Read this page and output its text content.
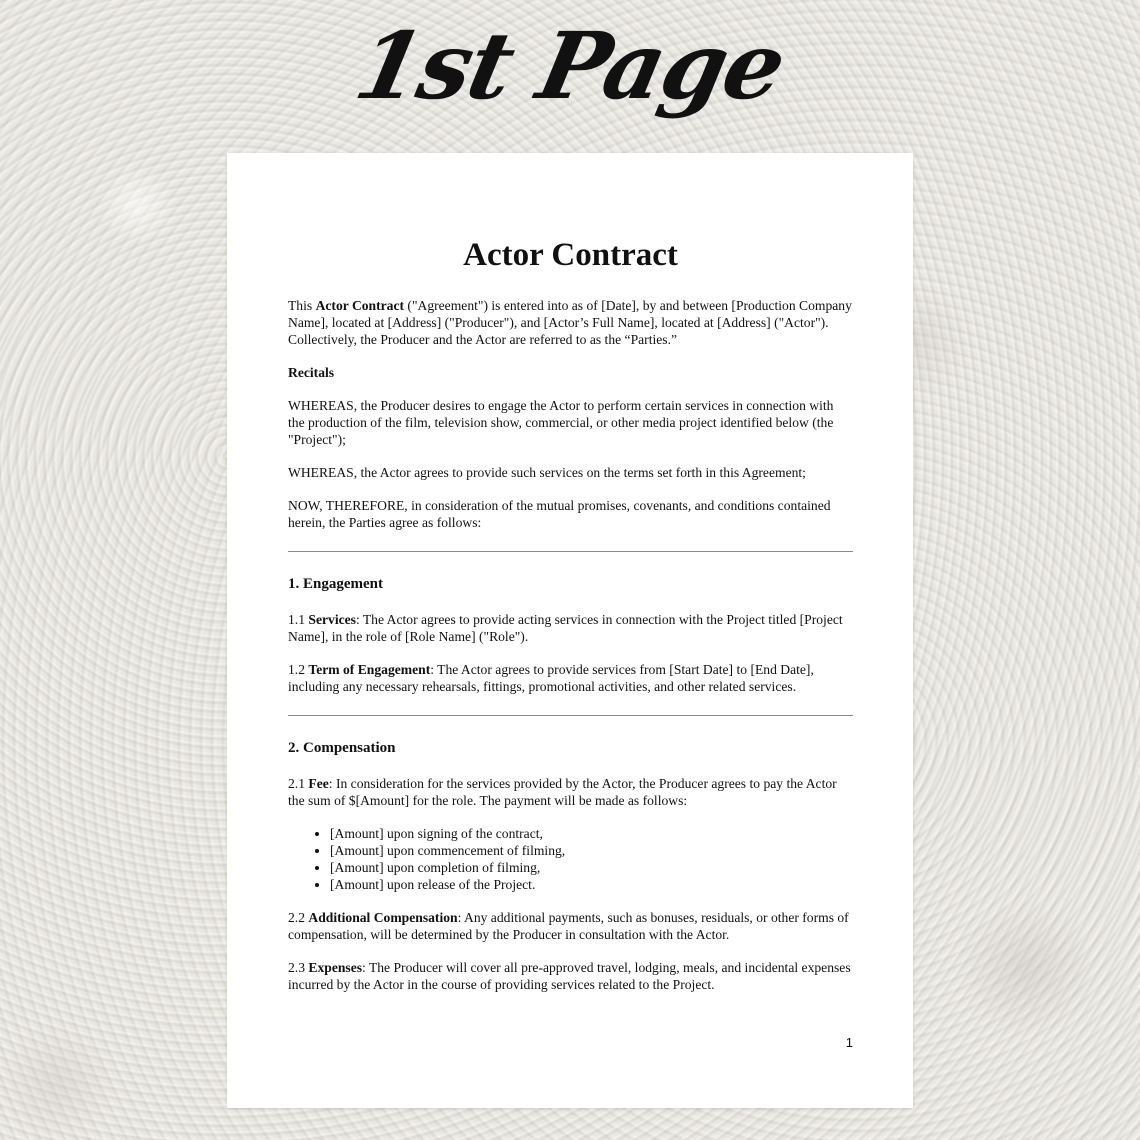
1st Page
Actor Contract

This Actor Contract ("Agreement") is entered into as of [Date], by and between [Production Company Name], located at [Address] ("Producer"), and [Actor’s Full Name], located at [Address] ("Actor"). Collectively, the Producer and the Actor are referred to as the “Parties.”

Recitals

WHEREAS, the Producer desires to engage the Actor to perform certain services in connection with the production of the film, television show, commercial, or other media project identified below (the "Project");

WHEREAS, the Actor agrees to provide such services on the terms set forth in this Agreement;

NOW, THEREFORE, in consideration of the mutual promises, covenants, and conditions contained herein, the Parties agree as follows:

1. Engagement

1.1 Services: The Actor agrees to provide acting services in connection with the Project titled [Project Name], in the role of [Role Name] ("Role").

1.2 Term of Engagement: The Actor agrees to provide services from [Start Date] to [End Date], including any necessary rehearsals, fittings, promotional activities, and other related services.

2. Compensation

2.1 Fee: In consideration for the services provided by the Actor, the Producer agrees to pay the Actor the sum of $[Amount] for the role. The payment will be made as follows:

• [Amount] upon signing of the contract,
• [Amount] upon commencement of filming,
• [Amount] upon completion of filming,
• [Amount] upon release of the Project.

2.2 Additional Compensation: Any additional payments, such as bonuses, residuals, or other forms of compensation, will be determined by the Producer in consultation with the Actor.

2.3 Expenses: The Producer will cover all pre-approved travel, lodging, meals, and incidental expenses incurred by the Actor in the course of providing services related to the Project.

1
